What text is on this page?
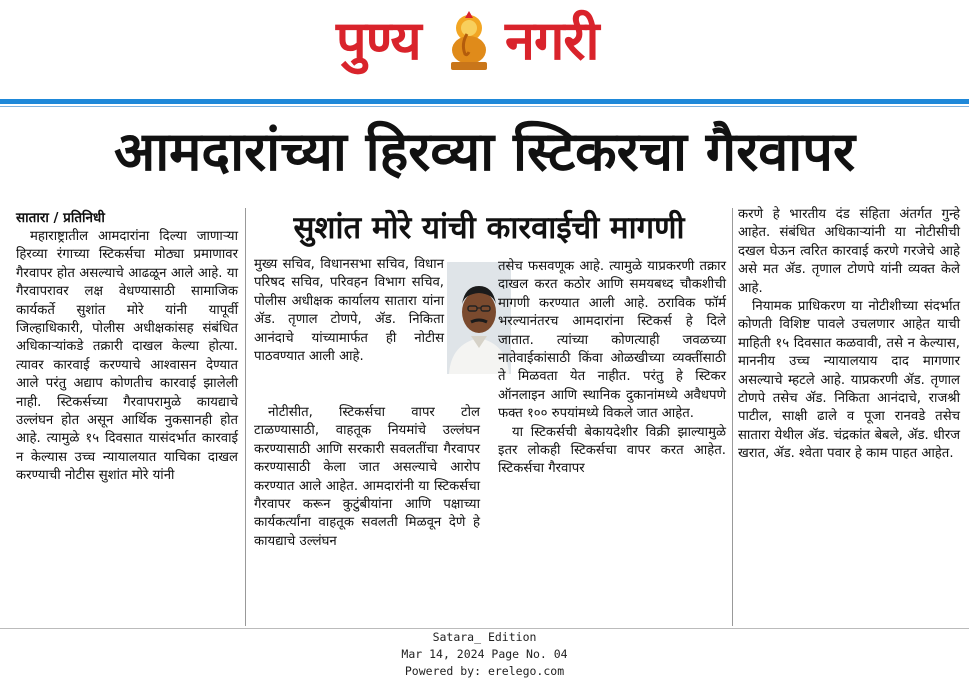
पुण्य नगरी
आमदारांच्या हिरव्या स्टिकरचा गैरवापर
सुशांत मोरे यांची कारवाईची मागणी

सातारा / प्रतिनिधी

महाराष्ट्रातील आमदारांना दिल्या जाणाऱ्या हिरव्या रंगाच्या स्टिकर्सचा मोठ्या प्रमाणावर गैरवापर होत असल्याचे आढळून आले आहे. या गैरवापरावर लक्ष वेधण्यासाठी सामाजिक कार्यकर्ते सुशांत मोरे यांनी यापूर्वी जिल्हाधिकारी, पोलीस अधीक्षकांसह संबंधित अधिकाऱ्यांकडे तक्रारी दाखल केल्या होत्या. त्यावर कारवाई करण्याचे आश्वासन देण्यात आले परंतु अद्याप कोणतीच कारवाई झालेली नाही. स्टिकर्सच्या गैरवापरामुळे कायद्याचे उल्लंघन होत असून आर्थिक नुकसानही होत आहे. त्यामुळे १५ दिवसात यासंदर्भात कारवाई न केल्यास उच्च न्यायालयात याचिका दाखल करण्याची नोटीस सुशांत मोरे यांनी

मुख्य सचिव, विधानसभा सचिव, विधान परिषद सचिव, परिवहन विभाग सचिव, पोलीस अधीक्षक कार्यालय सातारा यांना ॲड. तृणाल टोणपे, ॲड. निकिता आनंदाचे यांच्यामार्फत ही नोटीस पाठवण्यात आली आहे.

नोटीसीत, स्टिकर्सचा वापर टोल टाळण्यासाठी, वाहतूक नियमांचे उल्लंघन करण्यासाठी आणि सरकारी सवलतींचा गैरवापर करण्यासाठी केला जात असल्याचे आरोप करण्यात आले आहेत. आमदारांनी या स्टिकर्सचा गैरवापर करून कुटुंबीयांना आणि पक्षाच्या कार्यकर्त्यांना वाहतूक सवलती मिळवून देणे हे कायद्याचे उल्लंघन

तसेच फसवणूक आहे. त्यामुळे याप्रकरणी तक्रार दाखल करत कठोर आणि समयबध्द चौकशीची मागणी करण्यात आली आहे. ठराविक फॉर्म भरल्यानंतरच आमदारांना स्टिकर्स हे दिले जातात. त्यांच्या कोणत्याही जवळच्या नातेवाईकांसाठी किंवा ओळखीच्या व्यक्तींसाठी ते मिळवता येत नाहीत. परंतु हे स्टिकर ऑनलाइन आणि स्थानिक दुकानांमध्ये अवैधपणे फक्त १०० रुपयांमध्ये विकले जात आहेत.

या स्टिकर्सची बेकायदेशीर विक्री झाल्यामुळे इतर लोकही स्टिकर्सचा वापर करत आहेत. स्टिकर्सचा गैरवापर

करणे हे भारतीय दंड संहिता अंतर्गत गुन्हे आहेत. संबंधित अधिकाऱ्यांनी या नोटीसीची दखल घेऊन त्वरित कारवाई करणे गरजेचे आहे असे मत ॲड. तृणाल टोणपे यांनी व्यक्त केले आहे.

नियामक प्राधिकरण या नोटीशीच्या संदर्भात कोणती विशिष्ट पावले उचलणार आहेत याची माहिती १५ दिवसात कळवावी, तसे न केल्यास, माननीय उच्च न्यायालयाय दाद मागणार असल्याचे म्हटले आहे. याप्रकरणी ॲड. तृणाल टोणपे तसेच ॲड. निकिता आनंदाचे, राजश्री पाटील, साक्षी ढाले व पूजा रानवडे तसेच सातारा येथील ॲड. चंद्रकांत बेबले, ॲड. धीरज खरात, ॲड. श्वेता पवार हे काम पाहत आहेत.

Satara_ Edition
Mar 14, 2024 Page No. 04
Powered by: erelego.com
